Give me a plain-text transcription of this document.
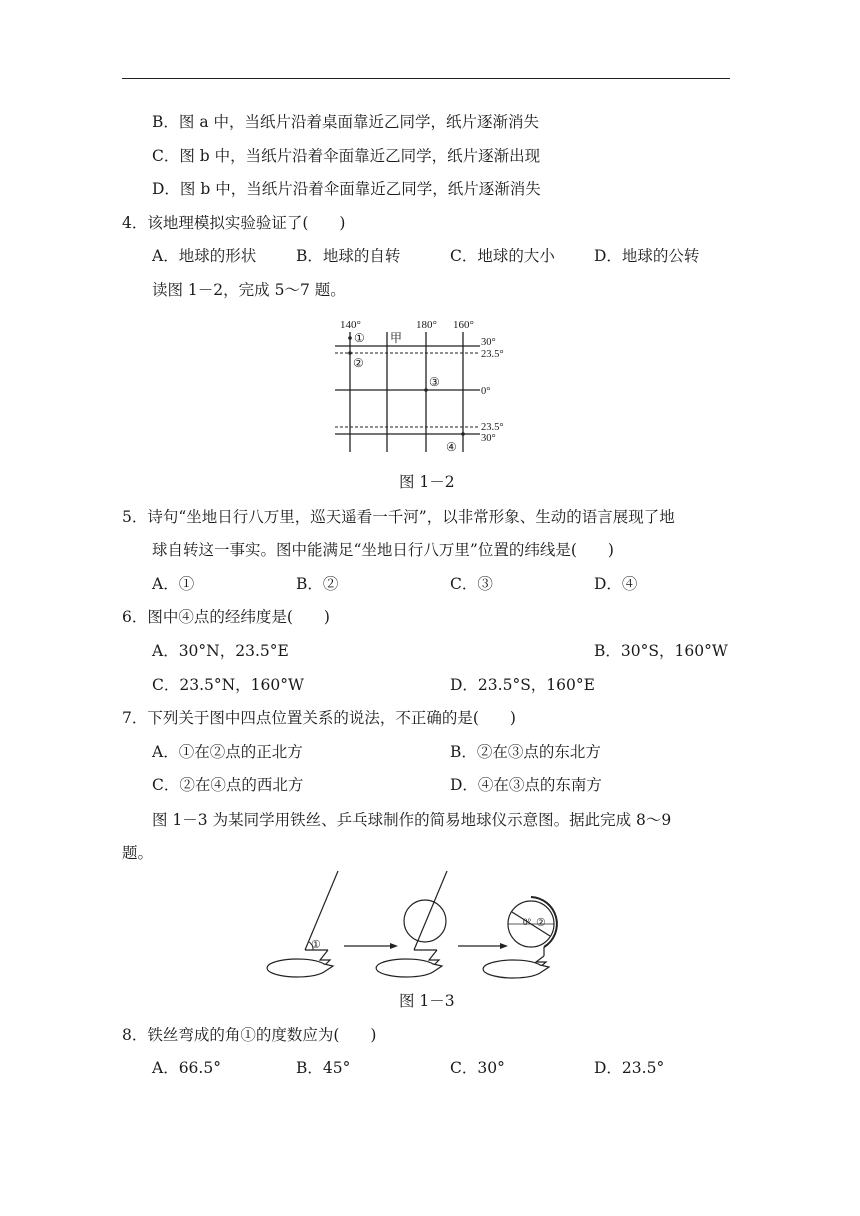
B．图 a 中，当纸片沿着桌面靠近乙同学，纸片逐渐消失
C．图 b 中，当纸片沿着伞面靠近乙同学，纸片逐渐出现
D．图 b 中，当纸片沿着伞面靠近乙同学，纸片逐渐消失
4．该地理模拟实验验证了(　　)
A．地球的形状	B．地球的自转	C．地球的大小	D．地球的公转
读图 1－2，完成 5～7 题。
140°	180° 160°
30°
23.5°
0°
23.5°
30°
甲
①
②
③
④
图 1－2
5．诗句“坐地日行八万里，巡天遥看一千河”，以非常形象、生动的语言展现了地
球自转这一事实。图中能满足“坐地日行八万里”位置的纬线是(　　)
A．①	B．②	C．③	D．④
6．图中④点的经纬度是(　　)
A．30°N，23.5°E	B．30°S，160°W
C．23.5°N，160°W	D．23.5°S，160°E
7．下列关于图中四点位置关系的说法，不正确的是(　　)
A．①在②点的正北方	B．②在③点的东北方
C．②在④点的西北方	D．④在③点的东南方
图 1－3 为某同学用铁丝、乒乓球制作的简易地球仪示意图。据此完成 8～9
题。
①
0° ②
图 1－3
8．铁丝弯成的角①的度数应为(　　)
A．66.5°	B．45°	C．30°	D．23.5°
